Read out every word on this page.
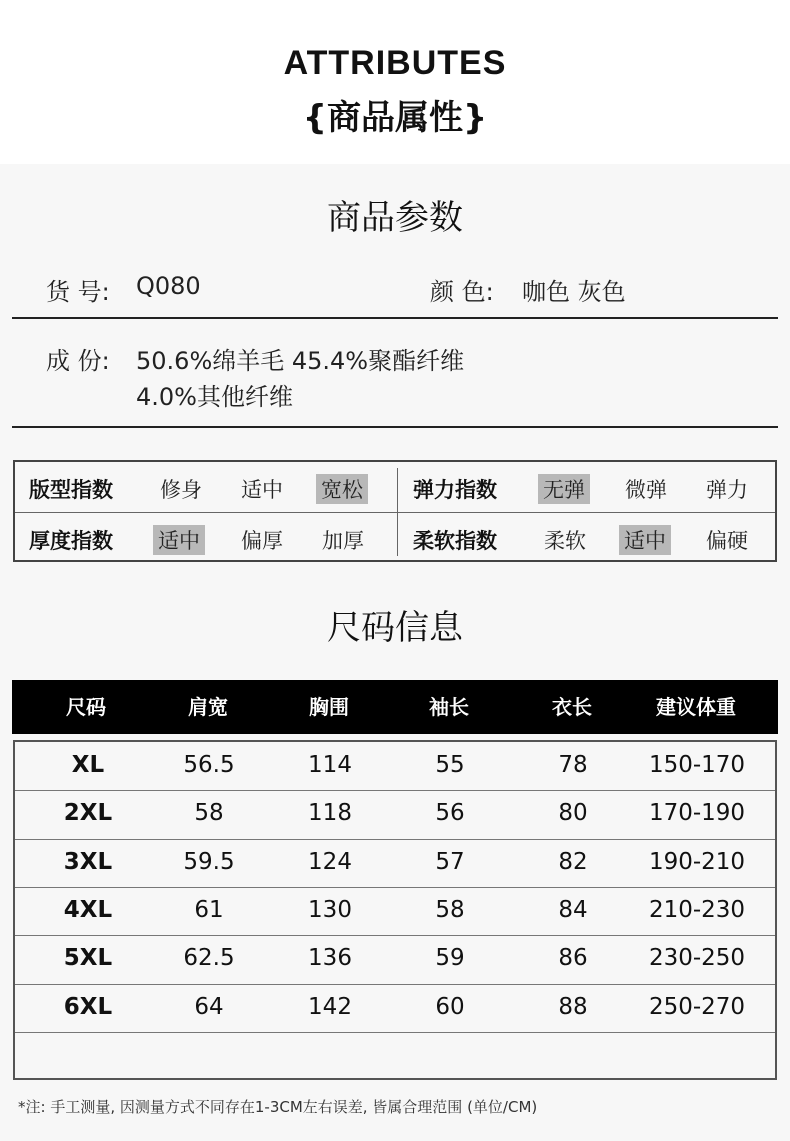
ATTRIBUTES
{商品属性}
商品参数
货 号: Q080	颜 色: 咖色 灰色
成 份: 50.6%绵羊毛 45.4%聚酯纤维
4.0%其他纤维
版型指数 修身 适中 宽松 弹力指数 无弹 微弹 弹力
厚度指数 适中 偏厚 加厚 柔软指数 柔软 适中 偏硬
尺码信息
尺码	肩宽	胸围	袖长	衣长	建议体重
XL	56.5	114	55	78	150-170
2XL	58	118	56	80	170-190
3XL	59.5	124	57	82	190-210
4XL	61	130	58	84	210-230
5XL	62.5	136	59	86	230-250
6XL	64	142	60	88	250-270
*注: 手工测量, 因测量方式不同存在1-3CM左右误差, 皆属合理范围 (单位/CM)
